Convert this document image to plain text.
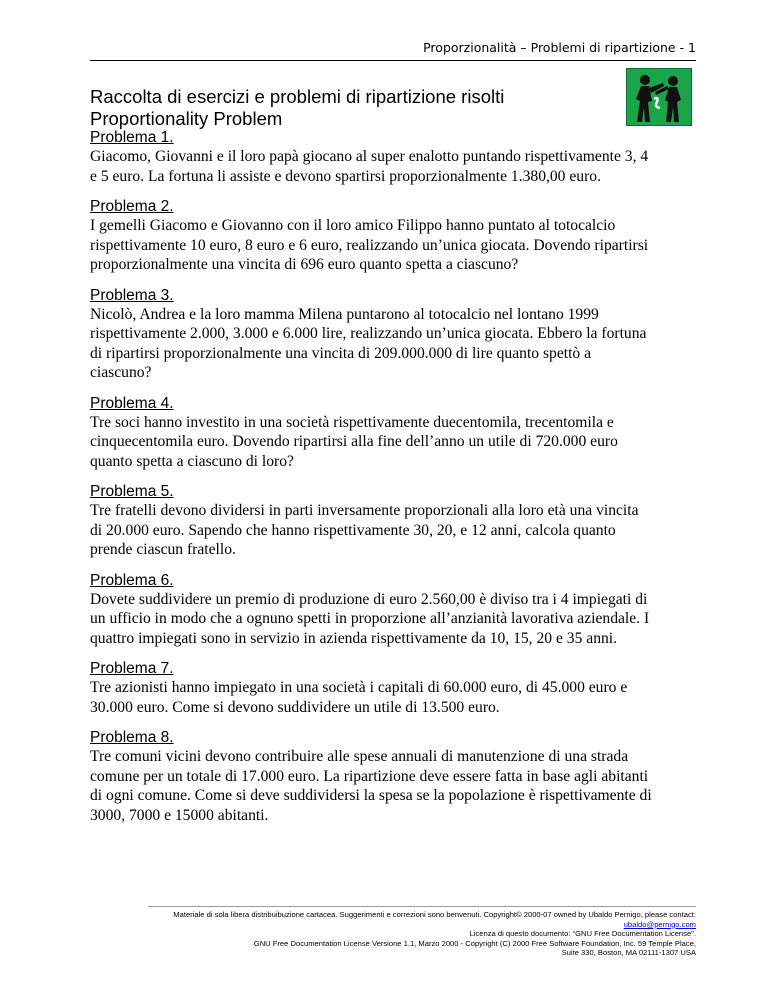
Proporzionalità – Problemi di ripartizione - 1
Raccolta di esercizi e problemi di ripartizione risolti
Proportionality Problem
Problema 1.
Giacomo, Giovanni e il loro papà giocano al super enalotto puntando rispettivamente 3, 4
e 5 euro. La fortuna li assiste e devono spartirsi proporzionalmente 1.380,00 euro.
Problema 2.
I gemelli Giacomo e Giovanno con il loro amico Filippo hanno puntato al totocalcio
rispettivamente 10 euro, 8 euro e 6 euro, realizzando un’unica giocata. Dovendo ripartirsi
proporzionalmente una vincita di 696 euro quanto spetta a ciascuno?
Problema 3.
Nicolò, Andrea e la loro mamma Milena puntarono al totocalcio nel lontano 1999
rispettivamente 2.000, 3.000 e 6.000 lire, realizzando un’unica giocata. Ebbero la fortuna
di ripartirsi proporzionalmente una vincita di 209.000.000 di lire quanto spettò a
ciascuno?
Problema 4.
Tre soci hanno investito in una società rispettivamente duecentomila, trecentomila e
cinquecentomila euro. Dovendo ripartirsi alla fine dell’anno un utile di 720.000 euro
quanto spetta a ciascuno di loro?
Problema 5.
Tre fratelli devono dividersi in parti inversamente proporzionali alla loro età una vincita
di 20.000 euro. Sapendo che hanno rispettivamente 30, 20, e 12 anni, calcola quanto
prende ciascun fratello.
Problema 6.
Dovete suddividere un premio di produzione di euro 2.560,00 è diviso tra i 4 impiegati di
un ufficio in modo che a ognuno spetti in proporzione all’anzianità lavorativa aziendale. I
quattro impiegati sono in servizio in azienda rispettivamente da 10, 15, 20 e 35 anni.
Problema 7.
Tre azionisti hanno impiegato in una società i capitali di 60.000 euro, di 45.000 euro e
30.000 euro. Come si devono suddividere un utile di 13.500 euro.
Problema 8.
Tre comuni vicini devono contribuire alle spese annuali di manutenzione di una strada
comune per un totale di 17.000 euro. La ripartizione deve essere fatta in base agli abitanti
di ogni comune. Come si deve suddividersi la spesa se la popolazione è rispettivamente di
3000, 7000 e 15000 abitanti.
Materiale di sola libera distribuibuzione cartacea. Suggerimenti e correzioni sono benvenuti. Copyright© 2000-07 owned by Ubaldo Pernigo, please contact:
ubaldo@pernigo.com
Licenza di questo documento: “GNU Free Documentation License".
GNU Free Documentation License Versione 1.1, Marzo 2000 - Copyright (C) 2000 Free Software Foundation, Inc. 59 Temple Place,
Suite 330, Boston, MA 02111-1307 USA
